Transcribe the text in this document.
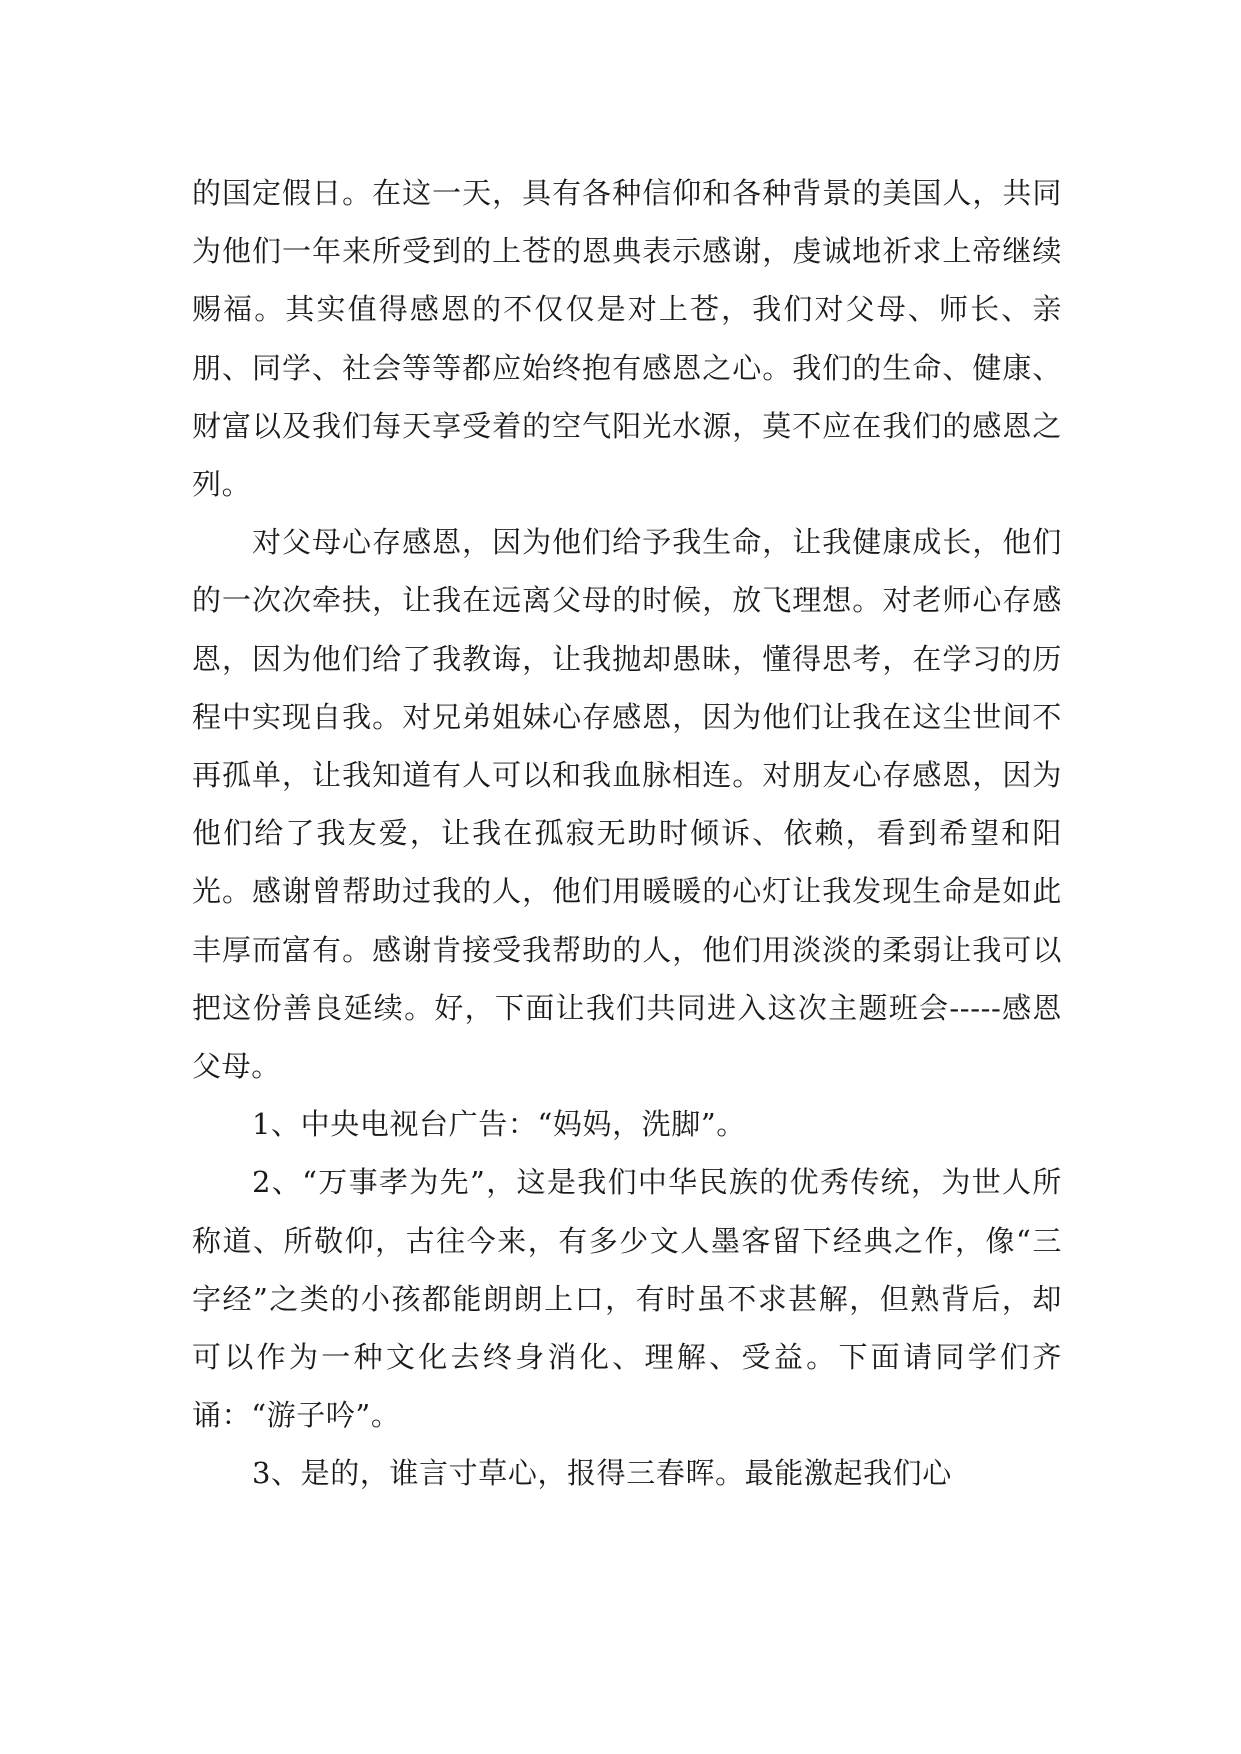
的国定假日。在这一天，具有各种信仰和各种背景的美国人，共同为他们一年来所受到的上苍的恩典表示感谢，虔诚地祈求上帝继续赐福。其实值得感恩的不仅仅是对上苍，我们对父母、师长、亲朋、同学、社会等等都应始终抱有感恩之心。我们的生命、健康、财富以及我们每天享受着的空气阳光水源，莫不应在我们的感恩之列。

对父母心存感恩，因为他们给予我生命，让我健康成长，他们的一次次牵扶，让我在远离父母的时候，放飞理想。对老师心存感恩，因为他们给了我教诲，让我抛却愚昧，懂得思考，在学习的历程中实现自我。对兄弟姐妹心存感恩，因为他们让我在这尘世间不再孤单，让我知道有人可以和我血脉相连。对朋友心存感恩，因为他们给了我友爱，让我在孤寂无助时倾诉、依赖，看到希望和阳光。感谢曾帮助过我的人，他们用暖暖的心灯让我发现生命是如此丰厚而富有。感谢肯接受我帮助的人，他们用淡淡的柔弱让我可以把这份善良延续。好，下面让我们共同进入这次主题班会-----感恩父母。

1、中央电视台广告：“妈妈，洗脚”。

2、“万事孝为先”，这是我们中华民族的优秀传统，为世人所称道、所敬仰，古往今来，有多少文人墨客留下经典之作，像“三字经”之类的小孩都能朗朗上口，有时虽不求甚解，但熟背后，却可以作为一种文化去终身消化、理解、受益。下面请同学们齐诵：“游子吟”。

3、是的，谁言寸草心，报得三春晖。最能激起我们心
